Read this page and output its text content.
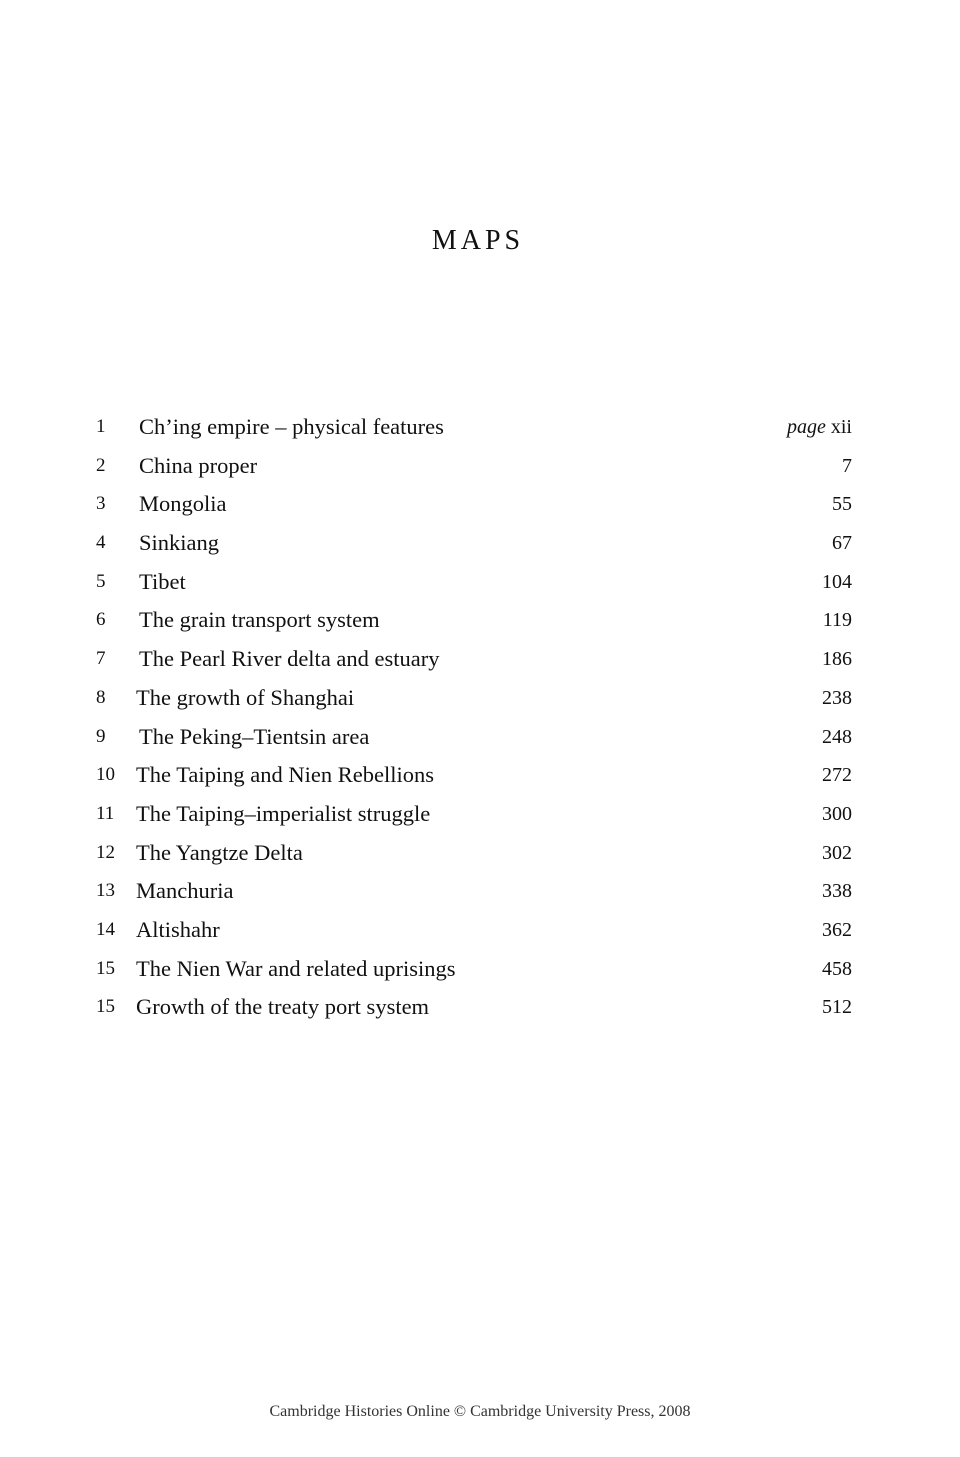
MAPS
1	Ch’ing empire – physical features	page xii
2	China proper	7
3	Mongolia	55
4	Sinkiang	67
5	Tibet	104
6	The grain transport system	119
7	The Pearl River delta and estuary	186
8	The growth of Shanghai	238
9	The Peking–Tientsin area	248
10 The Taiping and Nien Rebellions	272
11 The Taiping–imperialist struggle	300
12 The Yangtze Delta	302
13 Manchuria	338
14 Altishahr	362
15 The Nien War and related uprisings	458
15 Growth of the treaty port system	512
Cambridge Histories Online © Cambridge University Press, 2008
